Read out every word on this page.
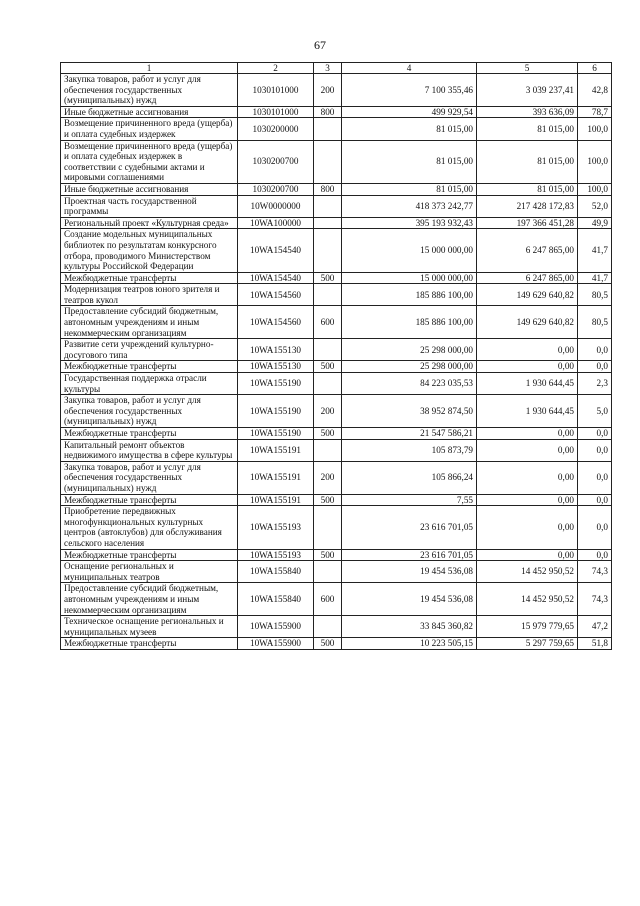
67
1	2	3	4	5	6
Закупка товаров, работ и услуг для обеспечения государственных (муниципальных) нужд	1030101000	200	7 100 355,46	3 039 237,41	42,8
Иные бюджетные ассигнования	1030101000	800	499 929,54	393 636,09	78,7
Возмещение причиненного вреда (ущерба) и оплата судебных издержек	1030200000		81 015,00	81 015,00	100,0
Возмещение причиненного вреда (ущерба) и оплата судебных издержек в соответствии с судебными актами и мировыми соглашениями	1030200700		81 015,00	81 015,00	100,0
Иные бюджетные ассигнования	1030200700	800	81 015,00	81 015,00	100,0
Проектная часть государственной программы	10W0000000		418 373 242,77	217 428 172,83	52,0
Региональный проект «Культурная среда»	10WA100000		395 193 932,43	197 366 451,28	49,9
Создание модельных муниципальных библиотек по результатам конкурсного отбора, проводимого Министерством культуры Российской Федерации	10WA154540		15 000 000,00	6 247 865,00	41,7
Межбюджетные трансферты	10WA154540	500	15 000 000,00	6 247 865,00	41,7
Модернизация театров юного зрителя и театров кукол	10WA154560		185 886 100,00	149 629 640,82	80,5
Предоставление субсидий бюджетным, автономным учреждениям и иным некоммерческим организациям	10WA154560	600	185 886 100,00	149 629 640,82	80,5
Развитие сети учреждений культурно-досугового типа	10WA155130		25 298 000,00	0,00	0,0
Межбюджетные трансферты	10WA155130	500	25 298 000,00	0,00	0,0
Государственная поддержка отрасли культуры	10WA155190		84 223 035,53	1 930 644,45	2,3
Закупка товаров, работ и услуг для обеспечения государственных (муниципальных) нужд	10WA155190	200	38 952 874,50	1 930 644,45	5,0
Межбюджетные трансферты	10WA155190	500	21 547 586,21	0,00	0,0
Капитальный ремонт объектов недвижимого имущества в сфере культуры	10WA155191		105 873,79	0,00	0,0
Закупка товаров, работ и услуг для обеспечения государственных (муниципальных) нужд	10WA155191	200	105 866,24	0,00	0,0
Межбюджетные трансферты	10WA155191	500	7,55	0,00	0,0
Приобретение передвижных многофункциональных культурных центров (автоклубов) для обслуживания сельского населения	10WA155193		23 616 701,05	0,00	0,0
Межбюджетные трансферты	10WA155193	500	23 616 701,05	0,00	0,0
Оснащение региональных и муниципальных театров	10WA155840		19 454 536,08	14 452 950,52	74,3
Предоставление субсидий бюджетным, автономным учреждениям и иным некоммерческим организациям	10WA155840	600	19 454 536,08	14 452 950,52	74,3
Техническое оснащение региональных и муниципальных музеев	10WA155900		33 845 360,82	15 979 779,65	47,2
Межбюджетные трансферты	10WA155900	500	10 223 505,15	5 297 759,65	51,8
